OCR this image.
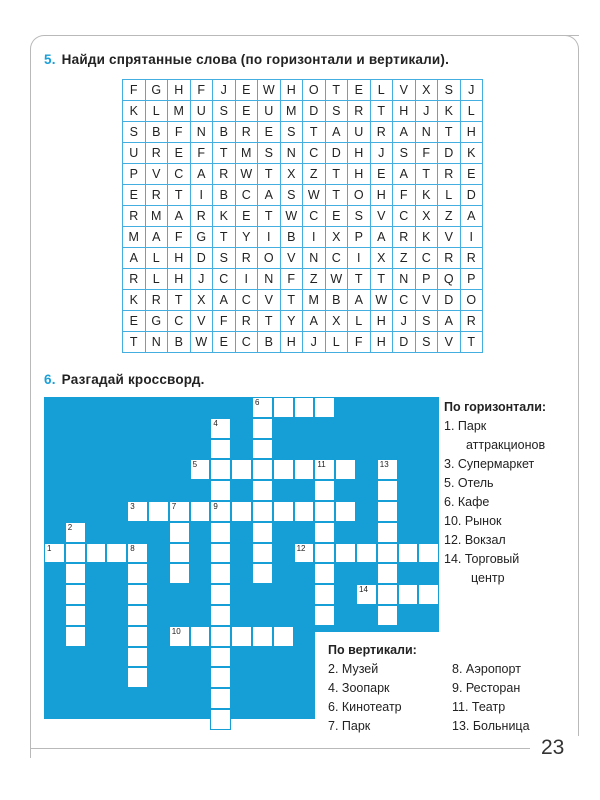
5. Найди спрятанные слова (по горизонтали и вертикали).
F	G	H	F	J	E	W	H	O	T	E	L	V	X	S	J
K	L	M	U	S	E	U	M	D	S	R	T	H	J	K	L
S	B	F	N	B	R	E	S	T	A	U	R	A	N	T	H
U	R	E	F	T	M	S	N	C	D	H	J	S	F	D	K
P	V	C	A	R	W	T	X	Z	T	H	E	A	T	R	E
E	R	T	I	B	C	A	S	W	T	O	H	F	K	L	D
R	M	A	R	K	E	T	W	C	E	S	V	C	X	Z	A
M	A	F	G	T	Y	I	B	I	X	P	A	R	K	V	I
A	L	H	D	S	R	O	V	N	C	I	X	Z	C	R	R
R	L	H	J	C	I	N	F	Z	W	T	T	N	P	Q	P
K	R	T	X	A	C	V	T	M	B	A	W	C	V	D	O
E	G	C	V	F	R	T	Y	A	X	L	H	J	S	A	R
T	N	B	W	E	C	B	H	J	L	F	H	D	S	V	T
6. Разгадай кроссворд.
6
4
9
5	11	13
3	7
2
1	8	12
14
10
По горизонтали:
1. Парк
аттракционов
3. Супермаркет
5. Отель
6. Кафе
10. Рынок
12. Вокзал
14. Торговый
центр
По вертикали:
2. Музей
4. Зоопарк
6. Кинотеатр
7. Парк
8. Аэропорт
9. Ресторан
11. Театр
13. Больница
23
